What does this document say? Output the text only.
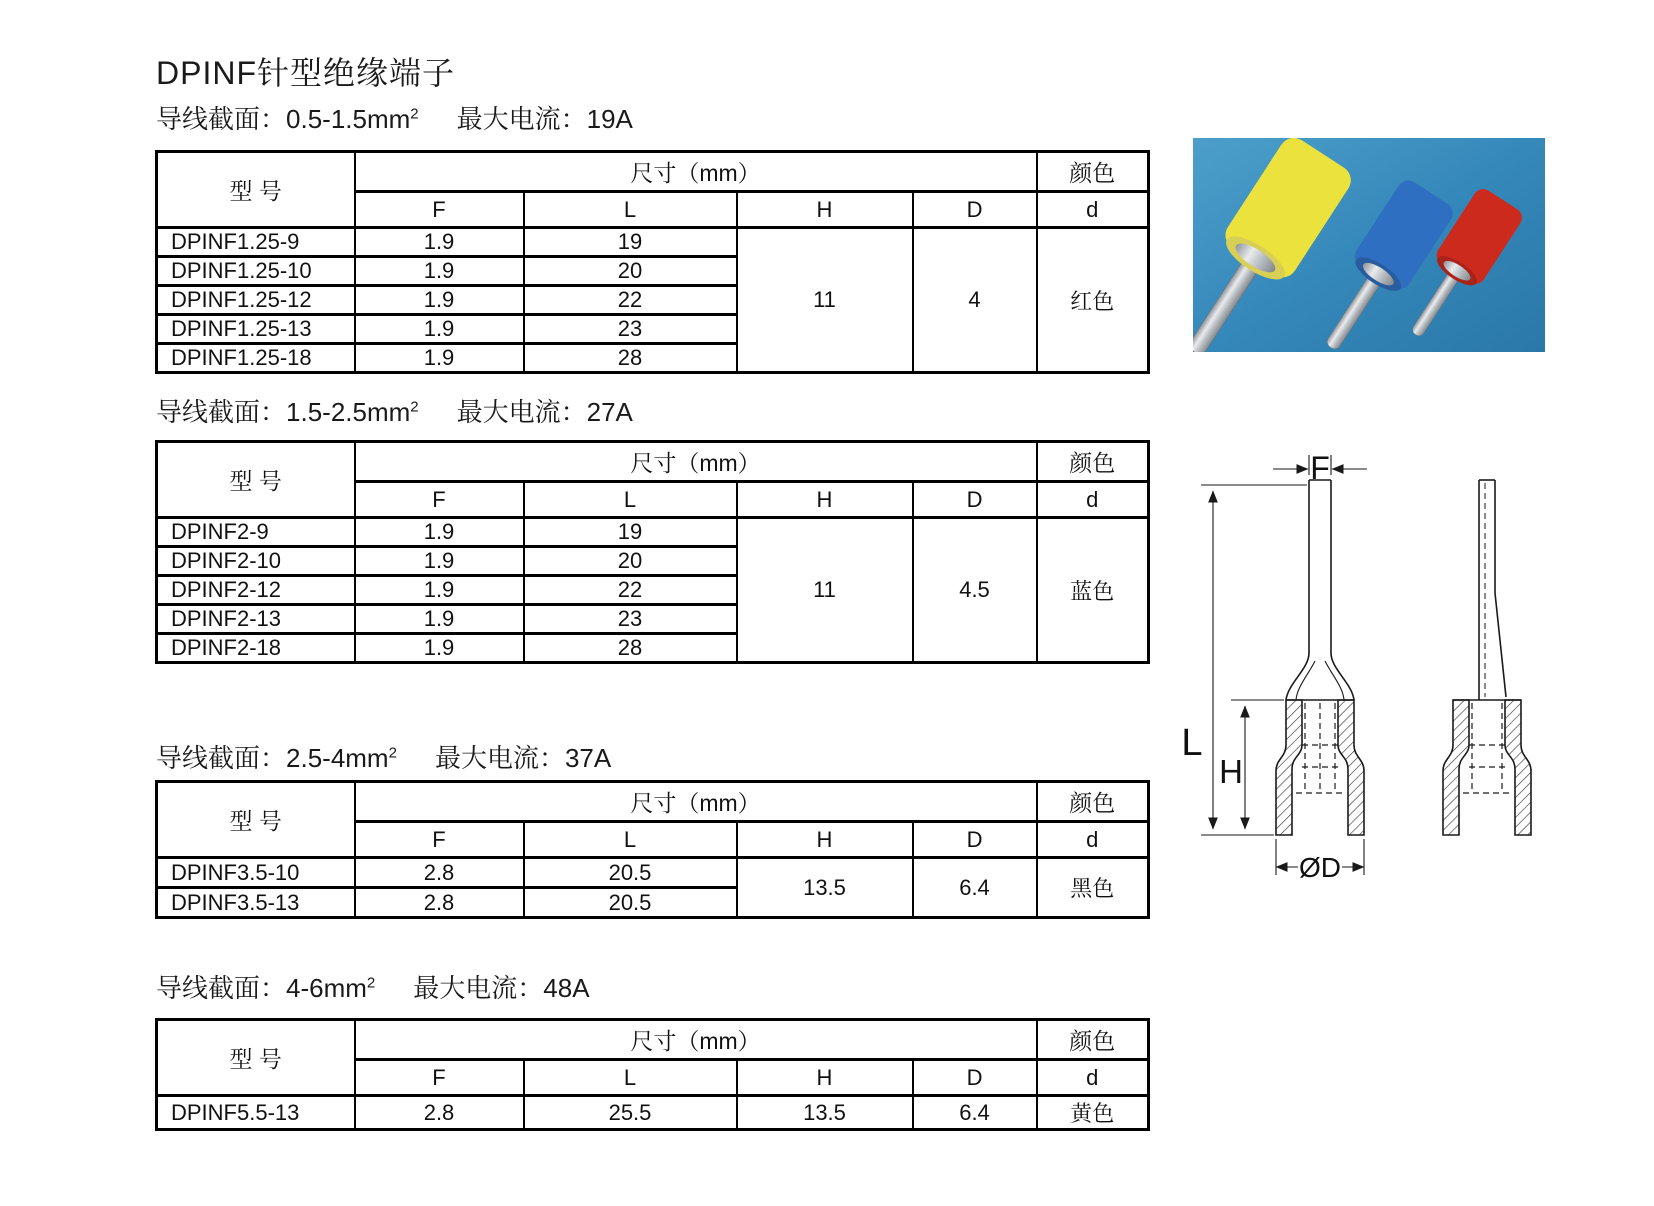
DPINF针型绝缘端子
导线截面：$0.5-1.5mm^2$ 最大电流：19A
型 号	尺寸（mm）				颜色
	F	L	H	D	d
DPINF1.25-9	1.9	19	11	4	红色
DPINF1.25-10	1.9	20			
DPINF1.25-12	1.9	22			
DPINF1.25-13	1.9	23			
DPINF1.25-18	1.9	28			
导线截面：$1.5-2.5mm^2$ 最大电流：27A
型 号	尺寸（mm）				颜色
	F	L	H	D	d
DPINF2-9	1.9	19	11	4.5	蓝色
DPINF2-10	1.9	20			
DPINF2-12	1.9	22			
DPINF2-13	1.9	23			
DPINF2-18	1.9	28			
导线截面：$2.5-4mm^2$ 最大电流：37A
型 号	尺寸（mm）				颜色
	F	L	H	D	d
DPINF3.5-10	2.8	20.5	13.5	6.4	黑色
DPINF3.5-13	2.8	20.5			
导线截面：$4-6mm^2$ 最大电流：48A
型 号	尺寸（mm）				颜色
	F	L	H	D	d
DPINF5.5-13	2.8	25.5	13.5	6.4	黄色
F
L
H
ØD
